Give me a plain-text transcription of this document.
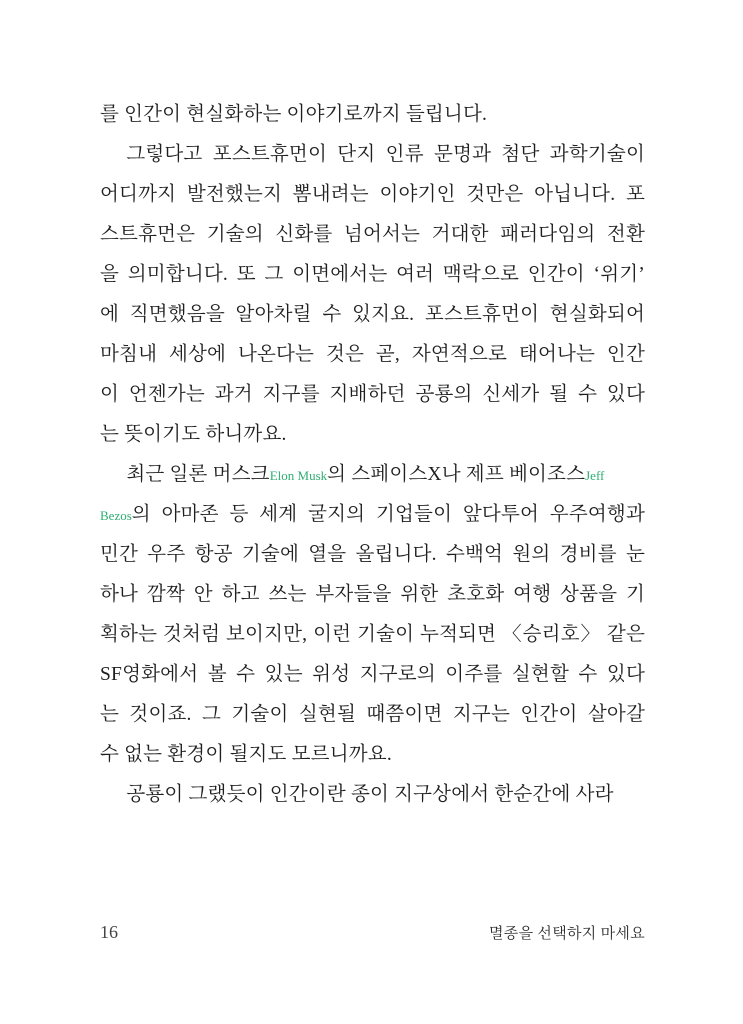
를 인간이 현실화하는 이야기로까지 들립니다.
그렇다고 포스트휴먼이 단지 인류 문명과 첨단 과학기술이
어디까지 발전했는지 뽐내려는 이야기인 것만은 아닙니다. 포
스트휴먼은 기술의 신화를 넘어서는 거대한 패러다임의 전환
을 의미합니다. 또 그 이면에서는 여러 맥락으로 인간이 ‘위기’
에 직면했음을 알아차릴 수 있지요. 포스트휴먼이 현실화되어
마침내 세상에 나온다는 것은 곧, 자연적으로 태어나는 인간
이 언젠가는 과거 지구를 지배하던 공룡의 신세가 될 수 있다
는 뜻이기도 하니까요.
최근 일론 머스크Elon Musk의 스페이스X나 제프 베이조스Jeff
Bezos의 아마존 등 세계 굴지의 기업들이 앞다투어 우주여행과
민간 우주 항공 기술에 열을 올립니다. 수백억 원의 경비를 눈
하나 깜짝 안 하고 쓰는 부자들을 위한 초호화 여행 상품을 기
획하는 것처럼 보이지만, 이런 기술이 누적되면 〈승리호〉 같은
SF영화에서 볼 수 있는 위성 지구로의 이주를 실현할 수 있다
는 것이죠. 그 기술이 실현될 때쯤이면 지구는 인간이 살아갈
수 없는 환경이 될지도 모르니까요.
공룡이 그랬듯이 인간이란 종이 지구상에서 한순간에 사라
16	멸종을 선택하지 마세요
